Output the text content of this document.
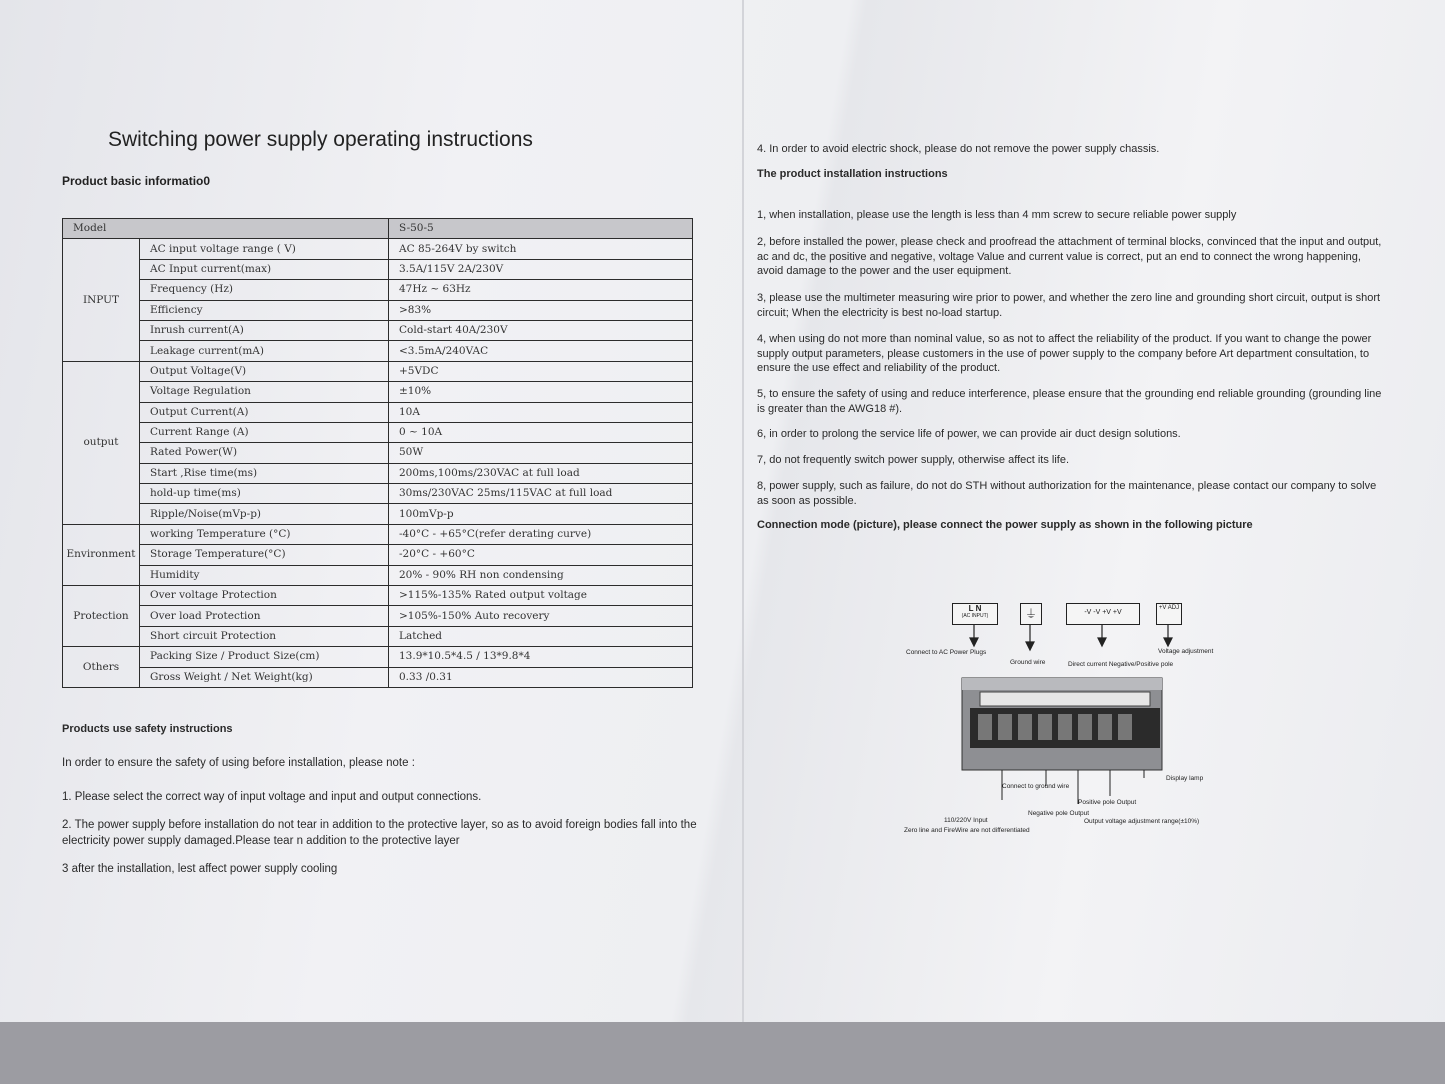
Switching power supply operating instructions
Product basic informatio0
Model		S-50-5
INPUT	AC input voltage range ( V)	AC 85-264V by switch
	AC Input current(max)	3.5A/115V 2A/230V
	Frequency (Hz)	47Hz ~ 63Hz
	Efficiency	>83%
	Inrush current(A)	Cold-start 40A/230V
	Leakage current(mA)	<3.5mA/240VAC
output	Output Voltage(V)	+5VDC
	Voltage Regulation	±10%
	Output Current(A)	10A
	Current Range (A)	0 ~ 10A
	Rated Power(W)	50W
	Start ,Rise time(ms)	200ms,100ms/230VAC at full load
	hold-up time(ms)	30ms/230VAC 25ms/115VAC at full load
	Ripple/Noise(mVp-p)	100mVp-p
Environment	working Temperature (°C)	-40°C - +65°C(refer derating curve)
	Storage Temperature(°C)	-20°C - +60°C
	Humidity	20% - 90% RH non condensing
Protection	Over voltage Protection	>115%-135% Rated output voltage
	Over load Protection	>105%-150% Auto recovery
	Short circuit Protection	Latched
Others	Packing Size / Product Size(cm)	13.9*10.5*4.5 / 13*9.8*4
	Gross Weight / Net Weight(kg)	0.33 /0.31
Products use safety instructions

In order to ensure the safety of using before installation, please note :

1. Please select the correct way of input voltage and input and output connections.

2. The power supply before installation do not tear in addition to the protective layer, so as to avoid foreign bodies fall into the electricity power supply damaged.Please tear n addition to the protective layer

3 after the installation, lest affect power supply cooling

4. In order to avoid electric shock, please do not remove the power supply chassis.
The product installation instructions
1, when installation, please use the length is less than 4 mm screw to secure reliable power supply
2, before installed the power, please check and proofread the attachment of terminal blocks, convinced that the input and output, ac and dc, the positive and negative, voltage Value and current value is correct, put an end to connect the wrong happening, avoid damage to the power and the user equipment.
3, please use the multimeter measuring wire prior to power, and whether the zero line and grounding short circuit, output is short circuit; When the electricity is best no-load startup.
4, when using do not more than nominal value, so as not to affect the reliability of the product. If you want to change the power supply output parameters, please customers in the use of power supply to the company before Art department consultation, to ensure the use effect and reliability of the product.
5, to ensure the safety of using and reduce interference, please ensure that the grounding end reliable grounding (grounding line is greater than the AWG18 #).
6, in order to prolong the service life of power, we can provide air duct design solutions.
7, do not frequently switch power supply, otherwise affect its life.
8, power supply, such as failure, do not do STH without authorization for the maintenance, please contact our company to solve as soon as possible.
Connection mode (picture), please connect the power supply as shown in the following picture
L N
(AC INPUT)	⏚	-V -V +V +V
+V ADJ
Connect to AC Power Plugs
Ground wire	Direct current Negative/Positive pole
Voltage adjustment
Display lamp
Connect to ground wire
Positive pole Output
Negative pole Output
Output voltage adjustment range(±10%)
110/220V Input
Zero line and FireWire are not differentiated
